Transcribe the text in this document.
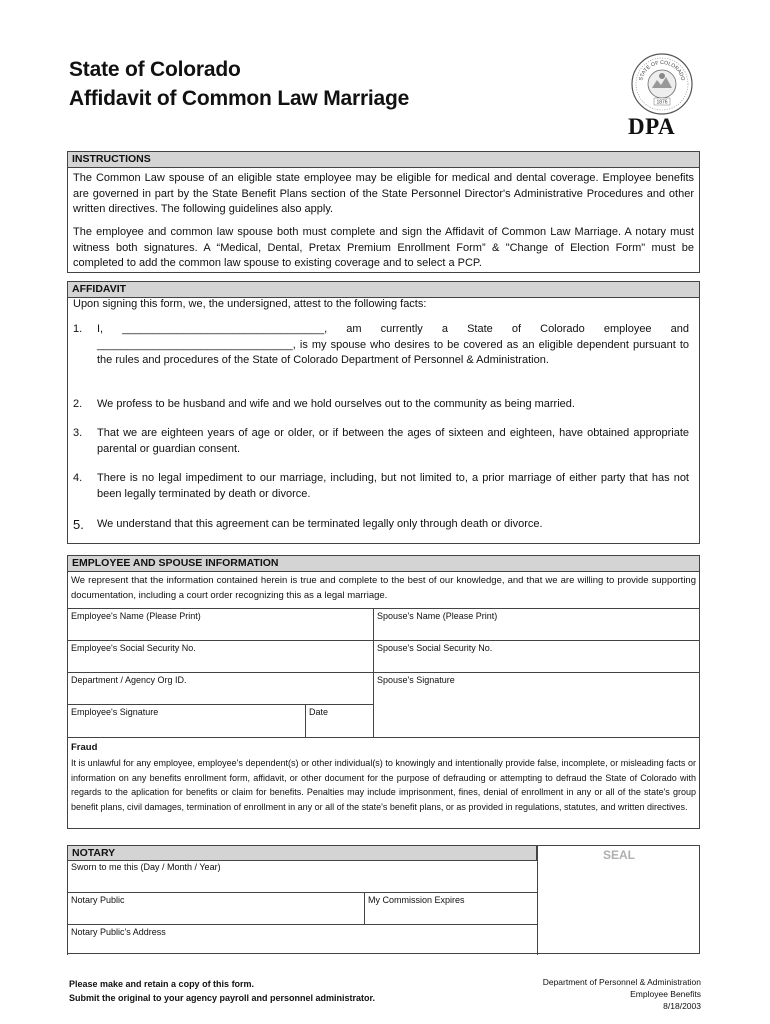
State of Colorado
Affidavit of Common Law Marriage
STATE OF COLORADO
1876
DPA
INSTRUCTIONS
The Common Law spouse of an eligible state employee may be eligible for medical and dental coverage. Employee benefits are governed in part by the State Benefit Plans section of the State Personnel Director's Administrative Procedures and other written directives. The following guidelines also apply.
The employee and common law spouse both must complete and sign the Affidavit of Common Law Marriage. A notary must witness both signatures. A “Medical, Dental, Pretax Premium Enrollment Form” & "Change of Election Form" must be completed to add the common law spouse to existing coverage and to select a PCP.
AFFIDAVIT
Upon signing this form, we, the undersigned, attest to the following facts:
1. I, _________________________________, am currently a State of Colorado employee and ________________________________, is my spouse who desires to be covered as an eligible dependent pursuant to the rules and procedures of the State of Colorado Department of Personnel & Administration.
2. We profess to be husband and wife and we hold ourselves out to the community as being married.
3. That we are eighteen years of age or older, or if between the ages of sixteen and eighteen, have obtained appropriate parental or guardian consent.
4. There is no legal impediment to our marriage, including, but not limited to, a prior marriage of either party that has not been legally terminated by death or divorce.
5. We understand that this agreement can be terminated legally only through death or divorce.
EMPLOYEE AND SPOUSE INFORMATION
We represent that the information contained herein is true and complete to the best of our knowledge, and that we are willing to provide supporting documentation, including a court order recognizing this as a legal marriage.
Employee's Name (Please Print)	Spouse's Name (Please Print)
Employee's Social Security No.	Spouse's Social Security No.
Department / Agency Org ID.	Spouse's Signature
Employee's Signature	Date
Fraud
It is unlawful for any employee, employee's dependent(s) or other individual(s) to knowingly and intentionally provide false, incomplete, or misleading facts or information on any benefits enrollment form, affidavit, or other document for the purpose of defrauding or attempting to defraud the State of Colorado with regards to the aplication for benefits or claim for benefits. Penalties may include imprisonment, fines, denial of enrollment in any or all of the state's group benefit plans, civil damages, termination of enrollment in any or all of the state's benefit plans, or as provided in regulations, statutes, and written directives.
NOTARY	SEAL
Sworn to me this (Day / Month / Year)
Notary Public	My Commission Expires
Notary Public's Address
Please make and retain a copy of this form.
Submit the original to your agency payroll and personnel administrator.
Department of Personnel & Administration
Employee Benefits
8/18/2003
